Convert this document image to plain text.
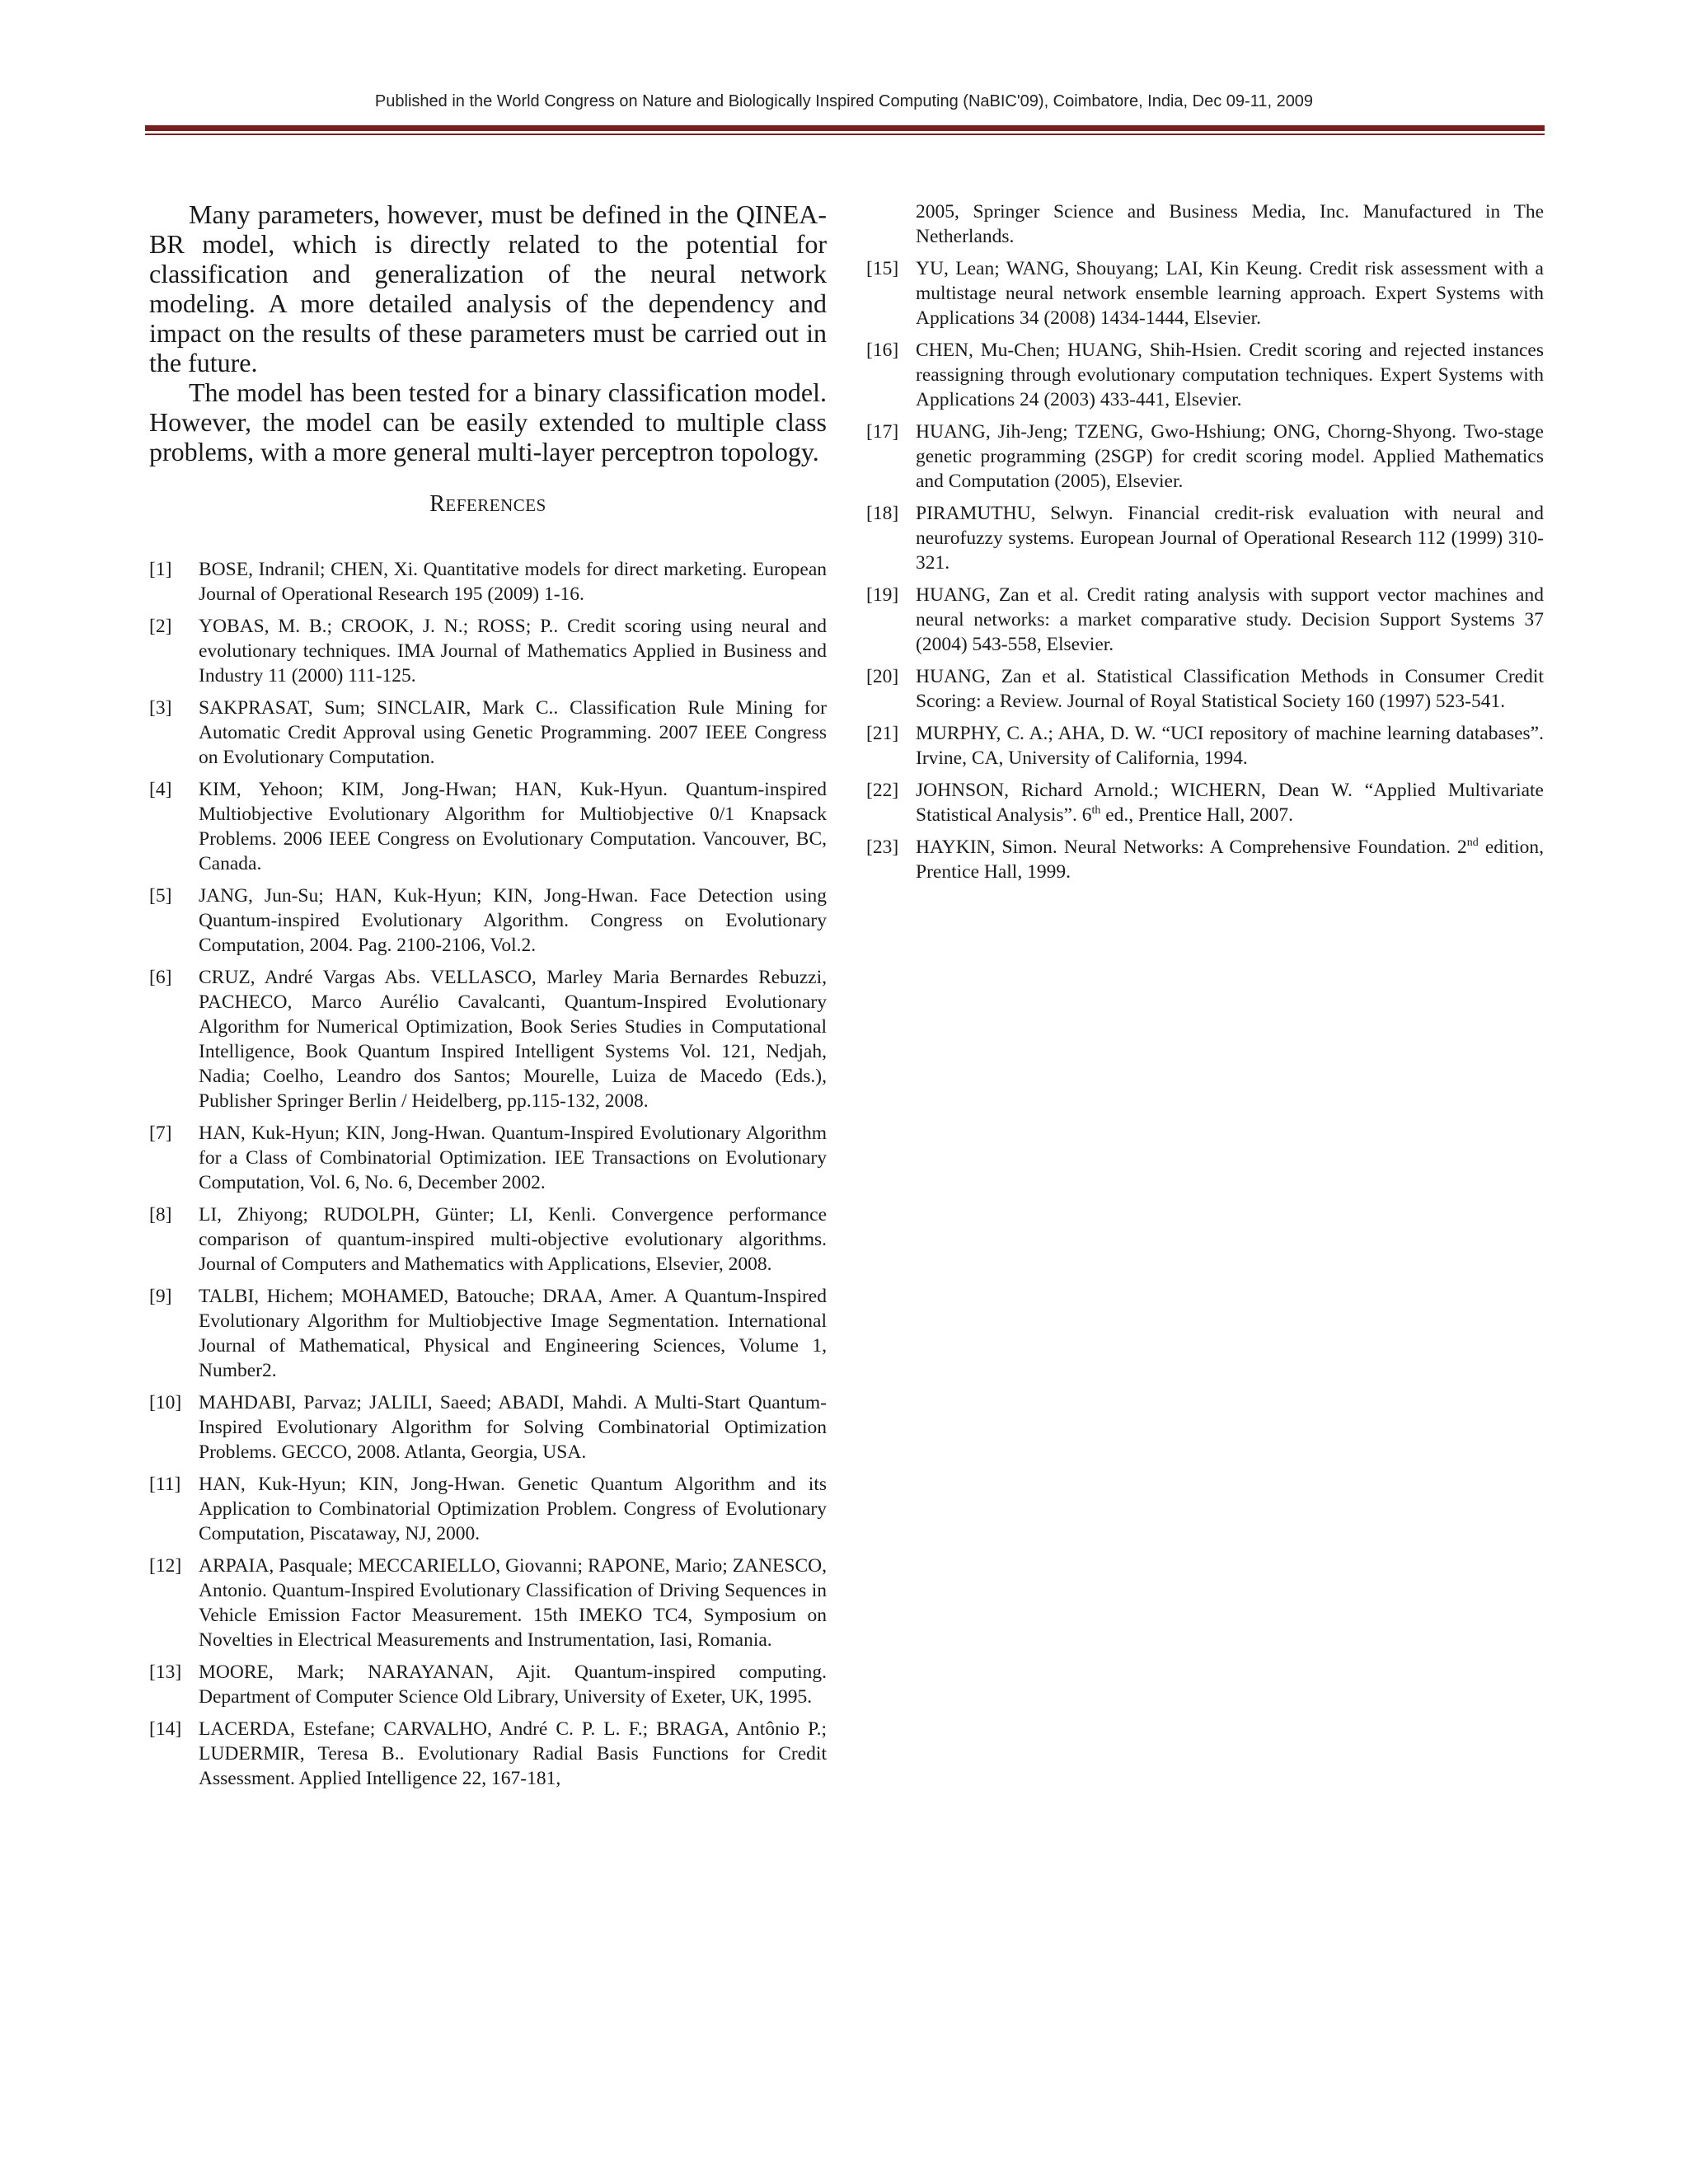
Published in the World Congress on Nature and Biologically Inspired Computing (NaBIC'09), Coimbatore, India, Dec 09-11, 2009

Many parameters, however, must be defined in the QINEA-BR model, which is directly related to the potential for classification and generalization of the neural network modeling. A more detailed analysis of the dependency and impact on the results of these parameters must be carried out in the future.

The model has been tested for a binary classification model. However, the model can be easily extended to multiple class problems, with a more general multi-layer perceptron topology.

REFERENCES
[1]	BOSE, Indranil; CHEN, Xi. Quantitative models for direct marketing. European Journal of Operational Research 195 (2009) 1-16.
[2]	YOBAS, M. B.; CROOK, J. N.; ROSS; P.. Credit scoring using neural and evolutionary techniques. IMA Journal of Mathematics Applied in Business and Industry 11 (2000) 111-125.
[3]	SAKPRASAT, Sum; SINCLAIR, Mark C.. Classification Rule Mining for Automatic Credit Approval using Genetic Programming. 2007 IEEE Congress on Evolutionary Computation.
[4]	KIM, Yehoon; KIM, Jong-Hwan; HAN, Kuk-Hyun. Quantum-inspired Multiobjective Evolutionary Algorithm for Multiobjective 0/1 Knapsack Problems. 2006 IEEE Congress on Evolutionary Computation. Vancouver, BC, Canada.
[5]	JANG, Jun-Su; HAN, Kuk-Hyun; KIN, Jong-Hwan. Face Detection using Quantum-inspired Evolutionary Algorithm. Congress on Evolutionary Computation, 2004. Pag. 2100-2106, Vol.2.
[6]	CRUZ, André Vargas Abs. VELLASCO, Marley Maria Bernardes Rebuzzi, PACHECO, Marco Aurélio Cavalcanti, Quantum-Inspired Evolutionary Algorithm for Numerical Optimization, Book Series Studies in Computational Intelligence, Book Quantum Inspired Intelligent Systems Vol. 121, Nedjah, Nadia; Coelho, Leandro dos Santos; Mourelle, Luiza de Macedo (Eds.), Publisher Springer Berlin / Heidelberg, pp.115-132, 2008.
[7]	HAN, Kuk-Hyun; KIN, Jong-Hwan. Quantum-Inspired Evolutionary Algorithm for a Class of Combinatorial Optimization. IEE Transactions on Evolutionary Computation, Vol. 6, No. 6, December 2002.
[8]	LI, Zhiyong; RUDOLPH, Günter; LI, Kenli. Convergence performance comparison of quantum-inspired multi-objective evolutionary algorithms. Journal of Computers and Mathematics with Applications, Elsevier, 2008.
[9]	TALBI, Hichem; MOHAMED, Batouche; DRAA, Amer. A Quantum-Inspired Evolutionary Algorithm for Multiobjective Image Segmentation. International Journal of Mathematical, Physical and Engineering Sciences, Volume 1, Number2.
[10] MAHDABI, Parvaz; JALILI, Saeed; ABADI, Mahdi. A Multi-Start Quantum-Inspired Evolutionary Algorithm for Solving Combinatorial Optimization Problems. GECCO, 2008. Atlanta, Georgia, USA.
[11] HAN, Kuk-Hyun; KIN, Jong-Hwan. Genetic Quantum Algorithm and its Application to Combinatorial Optimization Problem. Congress of Evolutionary Computation, Piscataway, NJ, 2000.
[12] ARPAIA, Pasquale; MECCARIELLO, Giovanni; RAPONE, Mario; ZANESCO, Antonio. Quantum-Inspired Evolutionary Classification of Driving Sequences in Vehicle Emission Factor Measurement. 15th IMEKO TC4, Symposium on Novelties in Electrical Measurements and Instrumentation, Iasi, Romania.
[13] MOORE, Mark; NARAYANAN, Ajit. Quantum-inspired computing. Department of Computer Science Old Library, University of Exeter, UK, 1995.
[14] LACERDA, Estefane; CARVALHO, André C. P. L. F.; BRAGA, Antônio P.; LUDERMIR, Teresa B.. Evolutionary Radial Basis Functions for Credit Assessment. Applied Intelligence 22, 167-181,
2005, Springer Science and Business Media, Inc. Manufactured in The Netherlands.
[15] YU, Lean; WANG, Shouyang; LAI, Kin Keung. Credit risk assessment with a multistage neural network ensemble learning approach. Expert Systems with Applications 34 (2008) 1434-1444, Elsevier.
[16] CHEN, Mu-Chen; HUANG, Shih-Hsien. Credit scoring and rejected instances reassigning through evolutionary computation techniques. Expert Systems with Applications 24 (2003) 433-441, Elsevier.
[17] HUANG, Jih-Jeng; TZENG, Gwo-Hshiung; ONG, Chorng-Shyong. Two-stage genetic programming (2SGP) for credit scoring model. Applied Mathematics and Computation (2005), Elsevier.
[18] PIRAMUTHU, Selwyn. Financial credit-risk evaluation with neural and neurofuzzy systems. European Journal of Operational Research 112 (1999) 310-321.
[19] HUANG, Zan et al. Credit rating analysis with support vector machines and neural networks: a market comparative study. Decision Support Systems 37 (2004) 543-558, Elsevier.
[20] HUANG, Zan et al. Statistical Classification Methods in Consumer Credit Scoring: a Review. Journal of Royal Statistical Society 160 (1997) 523-541.
[21] MURPHY, C. A.; AHA, D. W. “UCI repository of machine learning databases”. Irvine, CA, University of California, 1994.
[22] JOHNSON, Richard Arnold.; WICHERN, Dean W. “Applied Multivariate Statistical Analysis”. 6th ed., Prentice Hall, 2007.
[23] HAYKIN, Simon. Neural Networks: A Comprehensive Foundation. 2nd edition, Prentice Hall, 1999.
